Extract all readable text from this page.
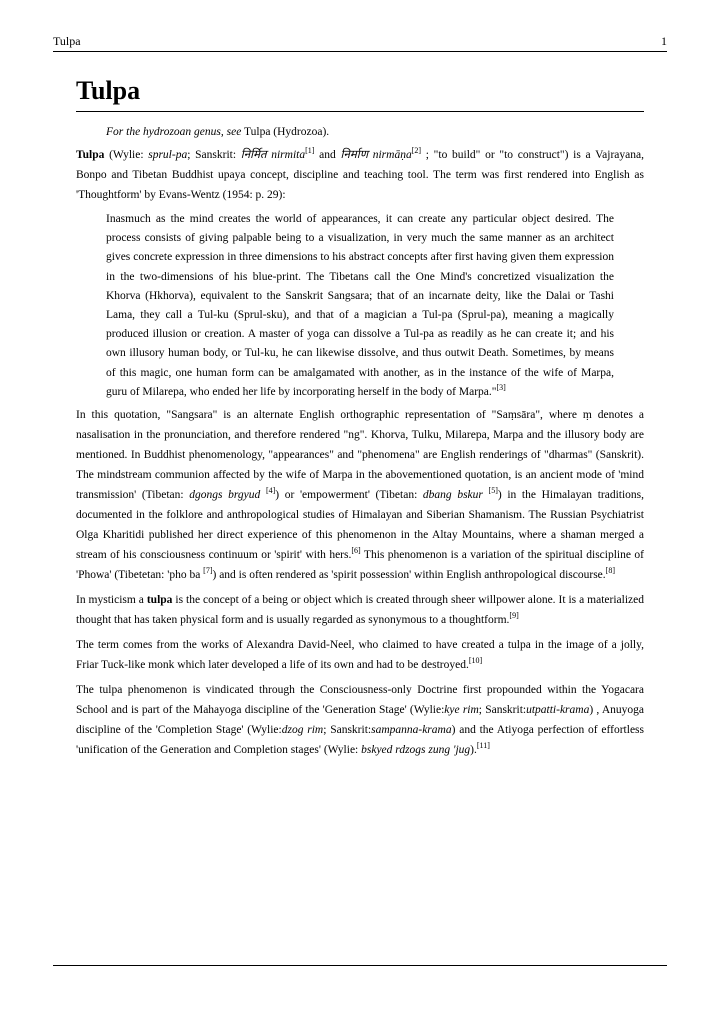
Tulpa	1
Tulpa
For the hydrozoan genus, see Tulpa (Hydrozoa).

Tulpa (Wylie: sprul-pa; Sanskrit: निर्मित nirmita[1] and निर्माण nirmāṇa[2] ; "to build" or "to construct") is a Vajrayana, Bonpo and Tibetan Buddhist upaya concept, discipline and teaching tool. The term was first rendered into English as 'Thoughtform' by Evans-Wentz (1954: p. 29):

Inasmuch as the mind creates the world of appearances, it can create any particular object desired. The process consists of giving palpable being to a visualization, in very much the same manner as an architect gives concrete expression in three dimensions to his abstract concepts after first having given them expression in the two-dimensions of his blue-print. The Tibetans call the One Mind's concretized visualization the Khorva (Hkhorva), equivalent to the Sanskrit Sangsara; that of an incarnate deity, like the Dalai or Tashi Lama, they call a Tul-ku (Sprul-sku), and that of a magician a Tul-pa (Sprul-pa), meaning a magically produced illusion or creation. A master of yoga can dissolve a Tul-pa as readily as he can create it; and his own illusory human body, or Tul-ku, he can likewise dissolve, and thus outwit Death. Sometimes, by means of this magic, one human form can be amalgamated with another, as in the instance of the wife of Marpa, guru of Milarepa, who ended her life by incorporating herself in the body of Marpa."[3]

In this quotation, "Sangsara" is an alternate English orthographic representation of "Saṃsāra", where ṃ denotes a nasalisation in the pronunciation, and therefore rendered "ng". Khorva, Tulku, Milarepa, Marpa and the illusory body are mentioned. In Buddhist phenomenology, "appearances" and "phenomena" are English renderings of "dharmas" (Sanskrit). The mindstream communion affected by the wife of Marpa in the abovementioned quotation, is an ancient mode of 'mind transmission' (Tibetan: dgongs brgyud [4]) or 'empowerment' (Tibetan: dbang bskur [5]) in the Himalayan traditions, documented in the folklore and anthropological studies of Himalayan and Siberian Shamanism. The Russian Psychiatrist Olga Kharitidi published her direct experience of this phenomenon in the Altay Mountains, where a shaman merged a stream of his consciousness continuum or 'spirit' with hers.[6] This phenomenon is a variation of the spiritual discipline of 'Phowa' (Tibetetan: 'pho ba [7]) and is often rendered as 'spirit possession' within English anthropological discourse.[8]

In mysticism a tulpa is the concept of a being or object which is created through sheer willpower alone. It is a materialized thought that has taken physical form and is usually regarded as synonymous to a thoughtform.[9]

The term comes from the works of Alexandra David-Neel, who claimed to have created a tulpa in the image of a jolly, Friar Tuck-like monk which later developed a life of its own and had to be destroyed.[10]

The tulpa phenomenon is vindicated through the Consciousness-only Doctrine first propounded within the Yogacara School and is part of the Mahayoga discipline of the 'Generation Stage' (Wylie:kye rim; Sanskrit:utpatti-krama) , Anuyoga discipline of the 'Completion Stage' (Wylie:dzog rim; Sanskrit:sampanna-krama) and the Atiyoga perfection of effortless 'unification of the Generation and Completion stages' (Wylie: bskyed rdzogs zung 'jug).[11]
